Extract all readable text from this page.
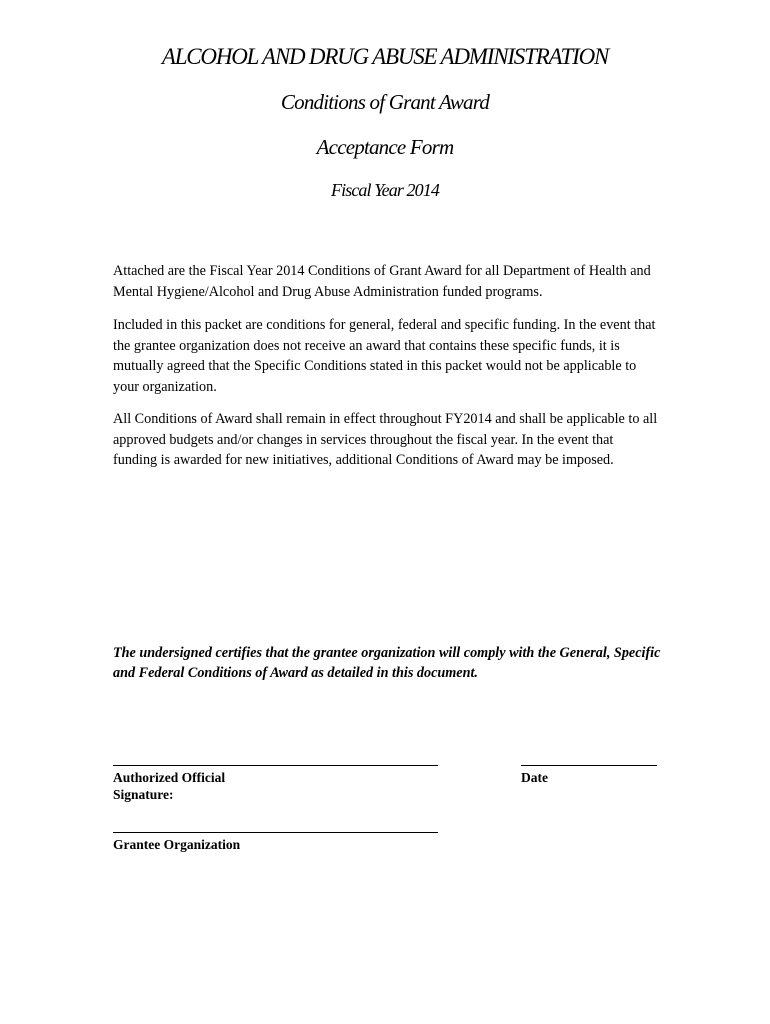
ALCOHOL AND DRUG ABUSE ADMINISTRATION
Conditions of Grant Award
Acceptance Form
Fiscal Year 2014

Attached are the Fiscal Year 2014 Conditions of Grant Award for all Department of Health and Mental Hygiene/Alcohol and Drug Abuse Administration funded programs.

Included in this packet are conditions for general, federal and specific funding. In the event that the grantee organization does not receive an award that contains these specific funds, it is mutually agreed that the Specific Conditions stated in this packet would not be applicable to your organization.

All Conditions of Award shall remain in effect throughout FY2014 and shall be applicable to all approved budgets and/or changes in services throughout the fiscal year. In the event that funding is awarded for new initiatives, additional Conditions of Award may be imposed.

The undersigned certifies that the grantee organization will comply with the General, Specific and Federal Conditions of Award as detailed in this document.

Authorized Official
Signature:
Date
Grantee Organization
